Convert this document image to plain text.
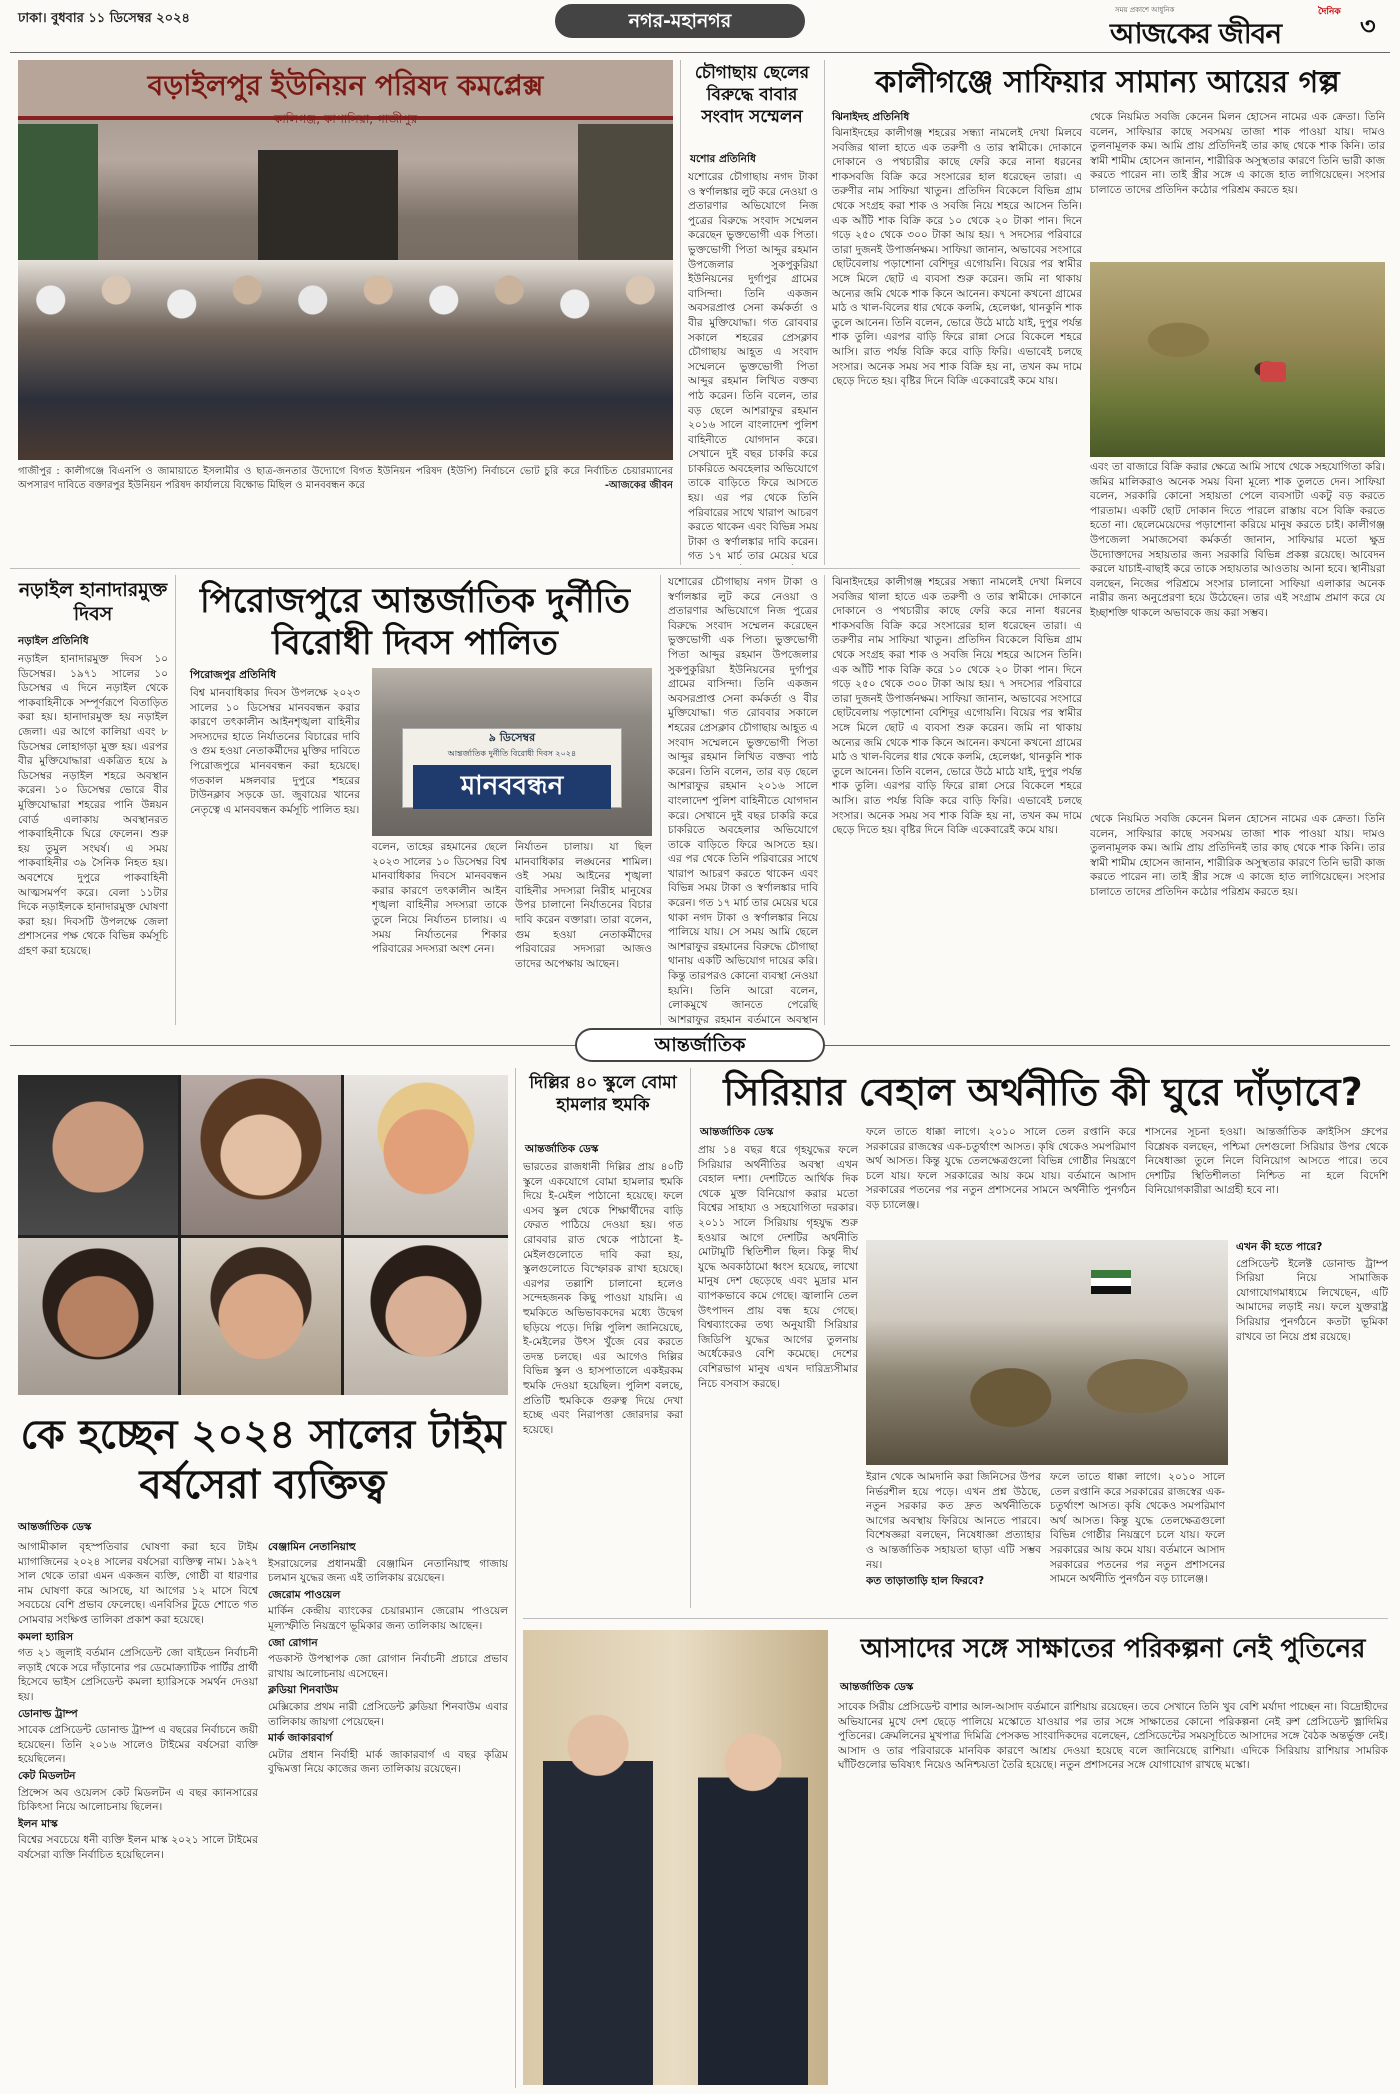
ঢাকা। বুধবার ১১ ডিসেম্বর ২০২৪	নগর-মহানগর	সময় প্রকাশে আধুনিক	দৈনিক
আজকের জীবন	৩
বড়াইলপুর ইউনিয়ন পরিষদ কমপ্লেক্স
কালিগঞ্জ, কাপাসিয়া, গাজীপুর
গাজীপুর : কালীগঞ্জে বিএনপি ও জামায়াতে ইসলামীর ও ছাত্র-জনতার উদ্যোগে বিগত ইউনিয়ন পরিষদ (ইউপি) নির্বাচনে ভোট চুরি করে নির্বাচিত চেয়ারম্যানের অপসারণ দাবিতে বক্তারপুর ইউনিয়ন পরিষদ কার্যালয়ে বিক্ষোভ মিছিল ও মানববন্ধন করে	-আজকের জীবন
চৌগাছায় ছেলের বিরুদ্ধে বাবার সংবাদ সম্মেলন
যশোর প্রতিনিধি
যশোরের চৌগাছায় নগদ টাকা ও স্বর্ণালঙ্কার লুট করে নেওয়া ও প্রতারণার অভিযোগে নিজ পুত্রের বিরুদ্ধে সংবাদ সম্মেলন করেছেন ভুক্তভোগী এক পিতা। ভুক্তভোগী পিতা আব্দুর রহমান উপজেলার সুকপুকুরিয়া ইউনিয়নের দুর্গাপুর গ্রামের বাসিন্দা। তিনি একজন অবসরপ্রাপ্ত সেনা কর্মকর্তা ও বীর মুক্তিযোদ্ধা। গত রোববার সকালে শহরের প্রেসক্লাব চৌগাছায় আহূত এ সংবাদ সম্মেলনে ভুক্তভোগী পিতা আব্দুর রহমান লিখিত বক্তব্য পাঠ করেন। তিনি বলেন, তার বড় ছেলে আশরাফুর রহমান ২০১৬ সালে বাংলাদেশ পুলিশ বাহিনীতে যোগদান করে। সেখানে দুই বছর চাকরি করে চাকরিতে অবহেলার অভিযোগে তাকে বাড়িতে ফিরে আসতে হয়। এর পর থেকে তিনি পরিবারের সাথে খারাপ আচরণ করতে থাকেন এবং বিভিন্ন সময় টাকা ও স্বর্ণালঙ্কার দাবি করেন। গত ১৭ মার্চ তার মেয়ের ঘরে
কালীগঞ্জে সাফিয়ার সামান্য আয়ের গল্প
ঝিনাইদহ প্রতিনিধি
ঝিনাইদহের কালীগঞ্জ শহরের সন্ধ্যা নামলেই দেখা মিলবে সবজির থালা হাতে এক তরুণী ও তার স্বামীকে। দোকানে দোকানে ও পথচারীর কাছে ফেরি করে নানা ধরনের শাকসবজি বিক্রি করে সংসারের হাল ধরেছেন তারা। এ তরুণীর নাম সাফিয়া খাতুন। প্রতিদিন বিকেলে বিভিন্ন গ্রাম থেকে সংগ্রহ করা শাক ও সবজি নিয়ে শহরে আসেন তিনি। এক আঁটি শাক বিক্রি করে ১০ থেকে ২০ টাকা পান। দিনে গড়ে ২৫০ থেকে ৩০০ টাকা আয় হয়। ৭ সদস্যের পরিবারে তারা দুজনই উপার্জনক্ষম। সাফিয়া জানান, অভাবের সংসারে ছোটবেলায় পড়াশোনা বেশিদূর এগোয়নি। বিয়ের পর স্বামীর সঙ্গে মিলে ছোট এ ব্যবসা শুরু করেন। জমি না থাকায় অন্যের জমি থেকে শাক কিনে আনেন। কখনো কখনো গ্রামের মাঠ ও খাল-বিলের ধার থেকে কলমি, হেলেঞ্চা, থানকুনি শাক তুলে আনেন। তিনি বলেন, ভোরে উঠে মাঠে যাই, দুপুর পর্যন্ত শাক তুলি। এরপর বাড়ি ফিরে রান্না সেরে বিকেলে শহরে আসি। রাত পর্যন্ত বিক্রি করে বাড়ি ফিরি। এভাবেই চলছে সংসার। অনেক সময় সব শাক বিক্রি হয় না, তখন কম দামে ছেড়ে দিতে হয়। বৃষ্টির দিনে বিক্রি একেবারেই কমে যায়।
থেকে নিয়মিত সবজি কেনেন মিলন হোসেন নামের এক ক্রেতা। তিনি বলেন, সাফিয়ার কাছে সবসময় তাজা শাক পাওয়া যায়। দামও তুলনামূলক কম। আমি প্রায় প্রতিদিনই তার কাছ থেকে শাক কিনি। তার স্বামী শামীম হোসেন জানান, শারীরিক অসুস্থতার কারণে তিনি ভারী কাজ করতে পারেন না। তাই স্ত্রীর সঙ্গে এ কাজে হাত লাগিয়েছেন। সংসার চালাতে তাদের প্রতিদিন কঠোর পরিশ্রম করতে হয়।
এবং তা বাজারে বিক্রি করার ক্ষেত্রে আমি সাথে থেকে সহযোগিতা করি। জমির মালিকরাও অনেক সময় বিনা মূল্যে শাক তুলতে দেন। সাফিয়া বলেন, সরকারি কোনো সহায়তা পেলে ব্যবসাটা একটু বড় করতে পারতাম। একটি ছোট দোকান দিতে পারলে রাস্তায় বসে বিক্রি করতে হতো না। ছেলেমেয়েদের পড়াশোনা করিয়ে মানুষ করতে চাই। কালীগঞ্জ উপজেলা সমাজসেবা কর্মকর্তা জানান, সাফিয়ার মতো ক্ষুদ্র উদ্যোক্তাদের সহায়তার জন্য সরকারি বিভিন্ন প্রকল্প রয়েছে। আবেদন করলে যাচাই-বাছাই করে তাকে সহায়তার আওতায় আনা হবে। স্থানীয়রা বলছেন, নিজের পরিশ্রমে সংসার চালানো সাফিয়া এলাকার অনেক নারীর জন্য অনুপ্রেরণা হয়ে উঠেছেন। তার এই সংগ্রাম প্রমাণ করে যে ইচ্ছাশক্তি থাকলে অভাবকে জয় করা সম্ভব।
নড়াইল হানাদারমুক্ত দিবস
নড়াইল প্রতিনিধি
নড়াইল হানাদারমুক্ত দিবস ১০ ডিসেম্বর। ১৯৭১ সালের ১০ ডিসেম্বর এ দিনে নড়াইল থেকে পাকবাহিনীকে সম্পূর্ণরূপে বিতাড়িত করা হয়। হানাদারমুক্ত হয় নড়াইল জেলা। এর আগে কালিয়া এবং ৮ ডিসেম্বর লোহাগড়া মুক্ত হয়। এরপর বীর মুক্তিযোদ্ধারা একত্রিত হয়ে ৯ ডিসেম্বর নড়াইল শহরে অবস্থান করেন। ১০ ডিসেম্বর ভোরে বীর মুক্তিযোদ্ধারা শহরের পানি উন্নয়ন বোর্ড এলাকায় অবস্থানরত পাকবাহিনীকে ঘিরে ফেলেন। শুরু হয় তুমুল সংঘর্ষ। এ সময় পাকবাহিনীর ৩৯ সৈনিক নিহত হয়। অবশেষে দুপুরে পাকবাহিনী আত্মসমর্পণ করে। বেলা ১১টার দিকে নড়াইলকে হানাদারমুক্ত ঘোষণা করা হয়। দিবসটি উপলক্ষে জেলা প্রশাসনের পক্ষ থেকে বিভিন্ন কর্মসূচি গ্রহণ করা হয়েছে।
পিরোজপুরে আন্তর্জাতিক দুর্নীতি বিরোধী দিবস পালিত
পিরোজপুর প্রতিনিধি
বিশ্ব মানবাধিকার দিবস উপলক্ষে ২০২৩ সালের ১০ ডিসেম্বর মানববন্ধন করার কারণে তৎকালীন আইনশৃঙ্খলা বাহিনীর সদস্যদের হাতে নির্যাতনের বিচারের দাবি ও গুম হওয়া নেতাকর্মীদের মুক্তির দাবিতে পিরোজপুরে মানববন্ধন করা হয়েছে। গতকাল মঙ্গলবার দুপুরে শহরের টাউনক্লাব সড়কে ডা. জুবায়ের খানের নেতৃত্বে এ মানববন্ধন কর্মসূচি পালিত হয়।
৯ ডিসেম্বর
আন্তর্জাতিক দুর্নীতি বিরোধী দিবস ২০২৪
মানববন্ধন
বলেন, তাহের রহমানের ছেলে ২০২৩ সালের ১০ ডিসেম্বর বিশ্ব মানবাধিকার দিবসে মানববন্ধন করার কারণে তৎকালীন আইন শৃঙ্খলা বাহিনীর সদস্যরা তাকে তুলে নিয়ে নির্যাতন চালায়। এ সময় নির্যাতনের শিকার পরিবারের সদস্যরা অংশ নেন।
নির্যাতন চালায়। যা ছিল মানবাধিকার লঙ্ঘনের শামিল। ওই সময় আইনের শৃঙ্খলা বাহিনীর সদস্যরা নিরীহ মানুষের উপর চালানো নির্যাতনের বিচার দাবি করেন বক্তারা। তারা বলেন, গুম হওয়া নেতাকর্মীদের পরিবারের সদস্যরা আজও তাদের অপেক্ষায় আছেন।
যশোরের চৌগাছায় নগদ টাকা ও স্বর্ণালঙ্কার লুট করে নেওয়া ও প্রতারণার অভিযোগে নিজ পুত্রের বিরুদ্ধে সংবাদ সম্মেলন করেছেন ভুক্তভোগী এক পিতা। ভুক্তভোগী পিতা আব্দুর রহমান উপজেলার সুকপুকুরিয়া ইউনিয়নের দুর্গাপুর গ্রামের বাসিন্দা। তিনি একজন অবসরপ্রাপ্ত সেনা কর্মকর্তা ও বীর মুক্তিযোদ্ধা। গত রোববার সকালে শহরের প্রেসক্লাব চৌগাছায় আহূত এ সংবাদ সম্মেলনে ভুক্তভোগী পিতা আব্দুর রহমান লিখিত বক্তব্য পাঠ করেন। তিনি বলেন, তার বড় ছেলে আশরাফুর রহমান ২০১৬ সালে বাংলাদেশ পুলিশ বাহিনীতে যোগদান করে। সেখানে দুই বছর চাকরি করে চাকরিতে অবহেলার অভিযোগে তাকে বাড়িতে ফিরে আসতে হয়। এর পর থেকে তিনি পরিবারের সাথে খারাপ আচরণ করতে থাকেন এবং বিভিন্ন সময় টাকা ও স্বর্ণালঙ্কার দাবি করেন। গত ১৭ মার্চ তার মেয়ের ঘরে থাকা নগদ টাকা ও স্বর্ণালঙ্কার নিয়ে পালিয়ে যায়। সে সময় আমি ছেলে আশরাফুর রহমানের বিরুদ্ধে চৌগাছা থানায় একটি অভিযোগ দায়ের করি। কিন্তু তারপরও কোনো ব্যবস্থা নেওয়া হয়নি। তিনি আরো বলেন, লোকমুখে জানতে পেরেছি আশরাফুর রহমান বর্তমানে অবস্থান
ঝিনাইদহের কালীগঞ্জ শহরের সন্ধ্যা নামলেই দেখা মিলবে সবজির থালা হাতে এক তরুণী ও তার স্বামীকে। দোকানে দোকানে ও পথচারীর কাছে ফেরি করে নানা ধরনের শাকসবজি বিক্রি করে সংসারের হাল ধরেছেন তারা। এ তরুণীর নাম সাফিয়া খাতুন। প্রতিদিন বিকেলে বিভিন্ন গ্রাম থেকে সংগ্রহ করা শাক ও সবজি নিয়ে শহরে আসেন তিনি। এক আঁটি শাক বিক্রি করে ১০ থেকে ২০ টাকা পান। দিনে গড়ে ২৫০ থেকে ৩০০ টাকা আয় হয়। ৭ সদস্যের পরিবারে তারা দুজনই উপার্জনক্ষম। সাফিয়া জানান, অভাবের সংসারে ছোটবেলায় পড়াশোনা বেশিদূর এগোয়নি। বিয়ের পর স্বামীর সঙ্গে মিলে ছোট এ ব্যবসা শুরু করেন। জমি না থাকায় অন্যের জমি থেকে শাক কিনে আনেন। কখনো কখনো গ্রামের মাঠ ও খাল-বিলের ধার থেকে কলমি, হেলেঞ্চা, থানকুনি শাক তুলে আনেন। তিনি বলেন, ভোরে উঠে মাঠে যাই, দুপুর পর্যন্ত শাক তুলি। এরপর বাড়ি ফিরে রান্না সেরে বিকেলে শহরে আসি। রাত পর্যন্ত বিক্রি করে বাড়ি ফিরি। এভাবেই চলছে সংসার। অনেক সময় সব শাক বিক্রি হয় না, তখন কম দামে ছেড়ে দিতে হয়। বৃষ্টির দিনে বিক্রি একেবারেই কমে যায়।
থেকে নিয়মিত সবজি কেনেন মিলন হোসেন নামের এক ক্রেতা। তিনি বলেন, সাফিয়ার কাছে সবসময় তাজা শাক পাওয়া যায়। দামও তুলনামূলক কম। আমি প্রায় প্রতিদিনই তার কাছ থেকে শাক কিনি। তার স্বামী শামীম হোসেন জানান, শারীরিক অসুস্থতার কারণে তিনি ভারী কাজ করতে পারেন না। তাই স্ত্রীর সঙ্গে এ কাজে হাত লাগিয়েছেন। সংসার চালাতে তাদের প্রতিদিন কঠোর পরিশ্রম করতে হয়।
আন্তর্জাতিক
কে হচ্ছেন ২০২৪ সালের টাইম বর্ষসেরা ব্যক্তিত্ব
আন্তর্জাতিক ডেস্ক

আগামীকাল বৃহস্পতিবার ঘোষণা করা হবে টাইম ম্যাগাজিনের ২০২৪ সালের বর্ষসেরা ব্যক্তিত্ব নাম। ১৯২৭ সাল থেকে তারা এমন একজন ব্যক্তি, গোষ্ঠী বা ধারণার নাম ঘোষণা করে আসছে, যা আগের ১২ মাসে বিশ্বে সবচেয়ে বেশি প্রভাব ফেলেছে। এনবিসির টুডে শোতে গত সোমবার সংক্ষিপ্ত তালিকা প্রকাশ করা হয়েছে।

কমলা হ্যারিস

গত ২১ জুলাই বর্তমান প্রেসিডেন্ট জো বাইডেন নির্বাচনী লড়াই থেকে সরে দাঁড়ানোর পর ডেমোক্র্যাটিক পার্টির প্রার্থী হিসেবে ভাইস প্রেসিডেন্ট কমলা হ্যারিসকে সমর্থন দেওয়া হয়।

ডোনাল্ড ট্রাম্প

সাবেক প্রেসিডেন্ট ডোনাল্ড ট্রাম্প এ বছরের নির্বাচনে জয়ী হয়েছেন। তিনি ২০১৬ সালেও টাইমের বর্ষসেরা ব্যক্তি হয়েছিলেন।

কেট মিডলটন

প্রিন্সেস অব ওয়েলস কেট মিডলটন এ বছর ক্যানসারের চিকিৎসা নিয়ে আলোচনায় ছিলেন।

ইলন মাস্ক

বিশ্বের সবচেয়ে ধনী ব্যক্তি ইলন মাস্ক ২০২১ সালে টাইমের বর্ষসেরা ব্যক্তি নির্বাচিত হয়েছিলেন।

বেঞ্জামিন নেতানিয়াহু

ইসরায়েলের প্রধানমন্ত্রী বেঞ্জামিন নেতানিয়াহু গাজায় চলমান যুদ্ধের জন্য এই তালিকায় রয়েছেন।

জেরোম পাওয়েল

মার্কিন কেন্দ্রীয় ব্যাংকের চেয়ারম্যান জেরোম পাওয়েল মূল্যস্ফীতি নিয়ন্ত্রণে ভূমিকার জন্য তালিকায় আছেন।

জো রোগান

পডকাস্ট উপস্থাপক জো রোগান নির্বাচনী প্রচারে প্রভাব রাখায় আলোচনায় এসেছেন।

ক্লডিয়া শিনবাউম

মেক্সিকোর প্রথম নারী প্রেসিডেন্ট ক্লডিয়া শিনবাউম এবার তালিকায় জায়গা পেয়েছেন।

মার্ক জাকারবার্গ

মেটার প্রধান নির্বাহী মার্ক জাকারবার্গ এ বছর কৃত্রিম বুদ্ধিমত্তা নিয়ে কাজের জন্য তালিকায় রয়েছেন।

দিল্লির ৪০ স্কুলে বোমা হামলার হুমকি
আন্তর্জাতিক ডেস্ক
ভারতের রাজধানী দিল্লির প্রায় ৪০টি স্কুলে একযোগে বোমা হামলার হুমকি দিয়ে ই-মেইল পাঠানো হয়েছে। ফলে এসব স্কুল থেকে শিক্ষার্থীদের বাড়ি ফেরত পাঠিয়ে দেওয়া হয়। গত রোববার রাত থেকে পাঠানো ই-মেইলগুলোতে দাবি করা হয়, স্কুলগুলোতে বিস্ফোরক রাখা হয়েছে। এরপর তল্লাশি চালানো হলেও সন্দেহজনক কিছু পাওয়া যায়নি। এ হুমকিতে অভিভাবকদের মধ্যে উদ্বেগ ছড়িয়ে পড়ে। দিল্লি পুলিশ জানিয়েছে, ই-মেইলের উৎস খুঁজে বের করতে তদন্ত চলছে। এর আগেও দিল্লির বিভিন্ন স্কুল ও হাসপাতালে একইরকম হুমকি দেওয়া হয়েছিল। পুলিশ বলছে, প্রতিটি হুমকিকে গুরুত্ব দিয়ে দেখা হচ্ছে এবং নিরাপত্তা জোরদার করা হয়েছে।
সিরিয়ার বেহাল অর্থনীতি কী ঘুরে দাঁড়াবে?
আন্তর্জাতিক ডেস্ক
প্রায় ১৪ বছর ধরে গৃহযুদ্ধের ফলে সিরিয়ার অর্থনীতির অবস্থা এখন বেহাল দশা। দেশটিতে আর্থিক দিক থেকে মুক্ত বিনিয়োগ করার মতো বিশ্বের সাহায্য ও সহযোগিতা দরকার। ২০১১ সালে সিরিয়ায় গৃহযুদ্ধ শুরু হওয়ার আগে দেশটির অর্থনীতি মোটামুটি স্থিতিশীল ছিল। কিন্তু দীর্ঘ যুদ্ধে অবকাঠামো ধ্বংস হয়েছে, লাখো মানুষ দেশ ছেড়েছে এবং মুদ্রার মান ব্যাপকভাবে কমে গেছে। জ্বালানি তেল উৎপাদন প্রায় বন্ধ হয়ে গেছে। বিশ্বব্যাংকের তথ্য অনুযায়ী সিরিয়ার জিডিপি যুদ্ধের আগের তুলনায় অর্ধেকেরও বেশি কমেছে। দেশের বেশিরভাগ মানুষ এখন দারিদ্র্যসীমার নিচে বসবাস করছে।
ফলে তাতে ধাক্কা লাগে। ২০১০ সালে তেল রপ্তানি করে সরকারের রাজস্বের এক-চতুর্থাংশ আসত। কৃষি থেকেও সমপরিমাণ অর্থ আসত। কিন্তু যুদ্ধে তেলক্ষেত্রগুলো বিভিন্ন গোষ্ঠীর নিয়ন্ত্রণে চলে যায়। ফলে সরকারের আয় কমে যায়। বর্তমানে আসাদ সরকারের পতনের পর নতুন প্রশাসনের সামনে অর্থনীতি পুনর্গঠন বড় চ্যালেঞ্জ।
শাসনের সূচনা হওয়া। আন্তর্জাতিক ক্রাইসিস গ্রুপের বিশ্লেষক বলছেন, পশ্চিমা দেশগুলো সিরিয়ার উপর থেকে নিষেধাজ্ঞা তুলে নিলে বিনিয়োগ আসতে পারে। তবে দেশটির স্থিতিশীলতা নিশ্চিত না হলে বিদেশি বিনিয়োগকারীরা আগ্রহী হবে না।

ইরান থেকে আমদানি করা জিনিসের উপর নির্ভরশীল হয়ে পড়ে। এখন প্রশ্ন উঠছে, নতুন সরকার কত দ্রুত অর্থনীতিকে আগের অবস্থায় ফিরিয়ে আনতে পারবে। বিশেষজ্ঞরা বলছেন, নিষেধাজ্ঞা প্রত্যাহার ও আন্তর্জাতিক সহায়তা ছাড়া এটি সম্ভব নয়।

কত তাড়াতাড়ি হাল ফিরবে?

ফলে তাতে ধাক্কা লাগে। ২০১০ সালে তেল রপ্তানি করে সরকারের রাজস্বের এক-চতুর্থাংশ আসত। কৃষি থেকেও সমপরিমাণ অর্থ আসত। কিন্তু যুদ্ধে তেলক্ষেত্রগুলো বিভিন্ন গোষ্ঠীর নিয়ন্ত্রণে চলে যায়। ফলে সরকারের আয় কমে যায়। বর্তমানে আসাদ সরকারের পতনের পর নতুন প্রশাসনের সামনে অর্থনীতি পুনর্গঠন বড় চ্যালেঞ্জ।

এখন কী হতে পারে?

প্রেসিডেন্ট ইলেক্ট ডোনাল্ড ট্রাম্প সিরিয়া নিয়ে সামাজিক যোগাযোগমাধ্যমে লিখেছেন, এটি আমাদের লড়াই নয়। ফলে যুক্তরাষ্ট্র সিরিয়ার পুনর্গঠনে কতটা ভূমিকা রাখবে তা নিয়ে প্রশ্ন রয়েছে।

আসাদের সঙ্গে সাক্ষাতের পরিকল্পনা নেই পুতিনের
আন্তর্জাতিক ডেস্ক
সাবেক সিরীয় প্রেসিডেন্ট বাশার আল-আসাদ বর্তমানে রাশিয়ায় রয়েছেন। তবে সেখানে তিনি খুব বেশি মর্যাদা পাচ্ছেন না। বিদ্রোহীদের অভিযানের মুখে দেশ ছেড়ে পালিয়ে মস্কোতে যাওয়ার পর তার সঙ্গে সাক্ষাতের কোনো পরিকল্পনা নেই রুশ প্রেসিডেন্ট ভ্লাদিমির পুতিনের। ক্রেমলিনের মুখপাত্র দিমিত্রি পেসকভ সাংবাদিকদের বলেছেন, প্রেসিডেন্টের সময়সূচিতে আসাদের সঙ্গে বৈঠক অন্তর্ভুক্ত নেই। আসাদ ও তার পরিবারকে মানবিক কারণে আশ্রয় দেওয়া হয়েছে বলে জানিয়েছে রাশিয়া। এদিকে সিরিয়ায় রাশিয়ার সামরিক ঘাঁটিগুলোর ভবিষ্যৎ নিয়েও অনিশ্চয়তা তৈরি হয়েছে। নতুন প্রশাসনের সঙ্গে যোগাযোগ রাখছে মস্কো।
